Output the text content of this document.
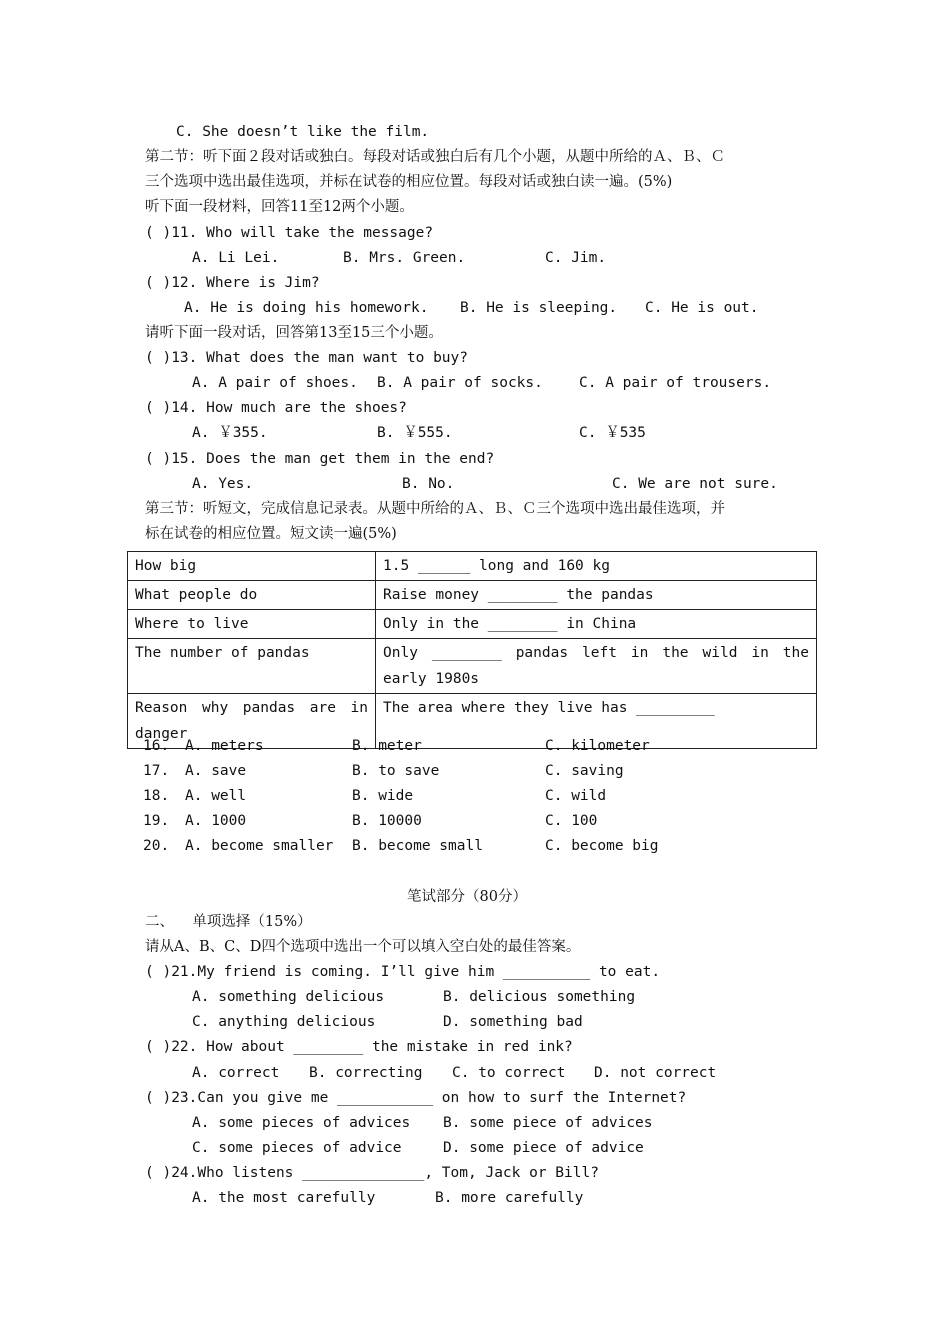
C. She doesn’t like the film.
第二节：听下面２段对话或独白。每段对话或独白后有几个小题，从题中所给的Ａ、Ｂ、Ｃ
三个选项中选出最佳选项，并标在试卷的相应位置。每段对话或独白读一遍。(5%)
听下面一段材料，回答11至12两个小题。
( )11. Who will take the message?
A. Li Lei.	B. Mrs. Green.	C. Jim.
( )12. Where is Jim?
A. He is doing his homework. B. He is sleeping. C. He is out.
请听下面一段对话，回答第13至15三个小题。
( )13. What does the man want to buy?
A. A pair of shoes. B. A pair of socks. C. A pair of trousers.
( )14. How much are the shoes?
A. ￥355.	B. ￥555.	C. ￥535
( )15. Does the man get them in the end?
A. Yes.	B. No.	C. We are not sure.
第三节：听短文，完成信息记录表。从题中所给的Ａ、Ｂ、Ｃ三个选项中选出最佳选项，并
标在试卷的相应位置。短文读一遍(5%)
How big	1.5 ______ long and 160 kg
What people do	Raise money ________ the pandas
Where to live	Only in the ________ in China
The number of pandas	Only ________ pandas left in the wild in the early 1980s
Reason why pandas are in danger	The area where they live has _________
16. A. meters	B. meter	C. kilometer
17. A. save	B. to save	C. saving
18. A. well	B. wide	C. wild
19. A. 1000	B. 10000	C. 100
20. A. become smaller B. become small	C. become big
笔试部分（80分）
二、    单项选择（15%）
请从A、B、C、D四个选项中选出一个可以填入空白处的最佳答案。
( )21.My friend is coming. I’ll give him __________ to eat.
A. something delicious	B. delicious something
C. anything delicious	D. something bad
( )22. How about ________ the mistake in red ink?
A. correct B. correcting C. to correct D. not correct
( )23.Can you give me ___________ on how to surf the Internet?
A. some pieces of advices B. some piece of advices
C. some pieces of advice	D. some piece of advice
( )24.Who listens ______________, Tom, Jack or Bill?
A. the most carefully	B. more carefully
